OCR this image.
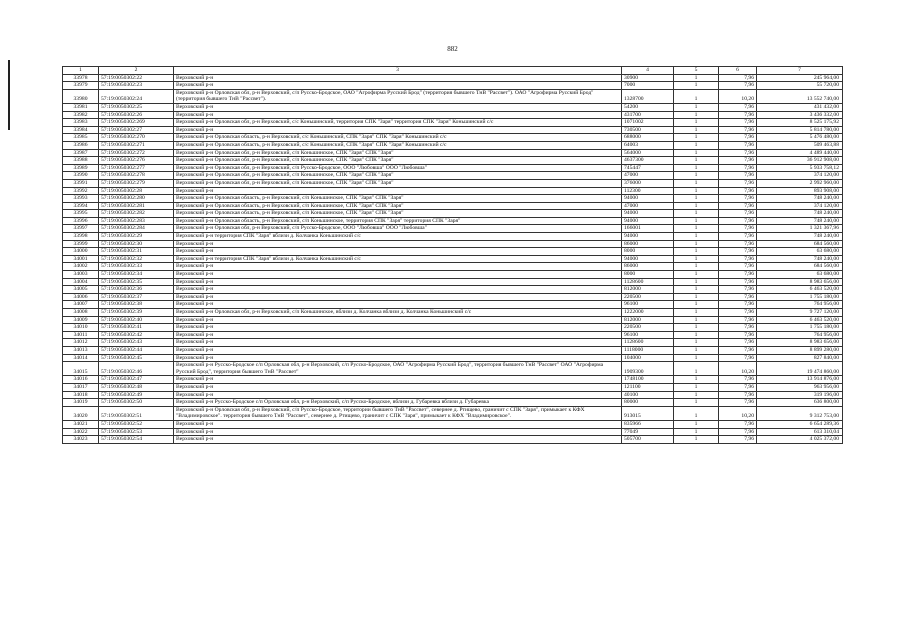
882
1	2	3	4	5	6	7
33978	57:19:0050302:22	Верховский р-н	30900	1	7,96	245 964,00
33979	57:19:0050302:23	Верховский р-н	7000	1	7,96	55 720,00
33980	57:19:0050302:24	Верховский р-н Орловская обл, р-н Верховский, с/п Русско-Бродское, ОАО "Агрофирма Русский Брод" (территория бывшего ТнВ "Рассвет"). ОАО "Агрофирма Русский Брод" (территория бывшего ТнВ "Рассвет").	1328700	1	10,20	13 552 740,00
33981	57:19:0050302:25	Верховский р-н	54200	1	7,96	431 432,00
33982	57:19:0050302:26	Верховский р-н	431700	1	7,96	3 436 332,00
33983	57:19:0050302:269	Верховский р-н Орловская обл, р-н Верховский, с/с Коньшинский, территория СПК "Заря" территория СПК "Заря" Коньшинский с/с	1071002	1	7,96	8 525 175,92
33984	57:19:0050302:27	Верховский р-н	730500	1	7,96	5 814 780,00
33985	57:19:0050302:270	Верховский р-н Орловская область, р-н Верховский, с/с Коньшинский, СПК "Заря" СПК "Заря" Коньшинский с/с	688000	1	7,96	5 476 480,00
33986	57:19:0050302:271	Верховский р-н Орловская область, р-н Верховский, с/с Коньшинский, СПК "Заря" СПК "Заря" Коньшинский с/с	64003	1	7,96	509 463,88
33987	57:19:0050302:272	Верховский р-н Орловская обл, р-н Верховский, с/п Коньшинское, СПК "Заря" СПК "Заря"	564000	1	7,96	4 489 440,00
33988	57:19:0050302:276	Верховский р-н Орловская обл, р-н Верховский, с/п Коньшинское, СПК "Заря" СПК "Заря"	4637300	1	7,96	36 912 908,00
33989	57:19:0050302:277	Верховский р-н Орловская обл, р-н Верховский, с/п Русско-Бродское, ООО "Любовша" ООО "Любовша"	745447	1	7,96	5 933 758,12
33990	57:19:0050302:278	Верховский р-н Орловская обл, р-н Верховский, с/п Коньшинское, СПК "Заря" СПК "Заря"	47000	1	7,96	374 120,00
33991	57:19:0050302:279	Верховский р-н Орловская обл, р-н Верховский, с/п Коньшинское, СПК "Заря" СПК "Заря"	376000	1	7,96	2 992 960,00
33992	57:19:0050302:28	Верховский р-н	112300	1	7,96	893 908,00
33993	57:19:0050302:280	Верховский р-н Орловская область, р-н Верховский, с/п Коньшинское, СПК "Заря" СПК "Заря"	94000	1	7,96	748 240,00
33994	57:19:0050302:281	Верховский р-н Орловская область, р-н Верховский, с/п Коньшинское, СПК "Заря" СПК "Заря"	47000	1	7,96	374 120,00
33995	57:19:0050302:282	Верховский р-н Орловская область, р-н Верховский, с/п Коньшинское, СПК "Заря" СПК "Заря"	94000	1	7,96	748 240,00
33996	57:19:0050302:283	Верховский р-н Орловская область, р-н Верховский, с/п Коньшинское, территория СПК "Заря" территория СПК "Заря"	94000	1	7,96	748 240,00
33997	57:19:0050302:284	Верховский р-н Орловская обл, р-н Верховский, с/п Русско-Бродское, ООО "Любовша" ООО "Любовша"	166001	1	7,96	1 321 367,96
33998	57:19:0050302:29	Верховский р-н территория СПК "Заря" вблизи д. Колчанка Коньшинский с/с	94000	1	7,96	748 240,00
33999	57:19:0050302:30	Верховский р-н	86000	1	7,96	684 560,00
34000	57:19:0050302:31	Верховский р-н	8000	1	7,96	63 680,00
34001	57:19:0050302:32	Верховский р-н территория СПК "Заря" вблизи д. Колчанка Коньшинский с/с	94000	1	7,96	748 240,00
34002	57:19:0050302:33	Верховский р-н	86000	1	7,96	684 560,00
34003	57:19:0050302:34	Верховский р-н	8000	1	7,96	63 680,00
34004	57:19:0050302:35	Верховский р-н	1128600	1	7,96	8 983 656,00
34005	57:19:0050302:36	Верховский р-н	812000	1	7,96	6 463 520,00
34006	57:19:0050302:37	Верховский р-н	220500	1	7,96	1 755 180,00
34007	57:19:0050302:38	Верховский р-н	96100	1	7,96	764 956,00
34008	57:19:0050302:39	Верховский р-н Орловская обл, р-н Верховский, с/п Коньшинское, вблизи д. Колчанка вблизи д. Колчанка Коньшинский с/с	1222000	1	7,96	9 727 120,00
34009	57:19:0050302:40	Верховский р-н	812000	1	7,96	6 463 520,00
34010	57:19:0050302:41	Верховский р-н	220500	1	7,96	1 755 180,00
34011	57:19:0050302:42	Верховский р-н	96100	1	7,96	764 956,00
34012	57:19:0050302:43	Верховский р-н	1128600	1	7,96	8 983 656,00
34013	57:19:0050302:44	Верховский р-н	1118000	1	7,96	8 899 280,00
34014	57:19:0050302:45	Верховский р-н	104000	1	7,96	827 840,00
34015	57:19:0050302:46	Верховский р-н Русско-Бродское с/п Орловская обл, р-н Верховский, с/п Русско-Бродское, ОАО "Агрофирма Русский Брод", территория бывшего ТнВ "Рассвет" ОАО "Агрофирма Русский Брод", территория бывшего ТнВ "Рассвет"	1909300	1	10,20	19 474 860,00
34016	57:19:0050302:47	Верховский р-н	1748100	1	7,96	13 914 876,00
34017	57:19:0050302:48	Верховский р-н	121100	1	7,96	963 956,00
34018	57:19:0050302:49	Верховский р-н	40100	1	7,96	319 196,00
34019	57:19:0050302:50	Верховский р-н Русско-Бродское с/п Орловская обл, р-н Верховский, с/п Русско-Бродское, вблизи д. Губаревка вблизи д. Губаревка	80000	1	7,96	636 800,00
34020	57:19:0050302:51	Верховский р-н Орловская обл, р-н Верховский, с/п Русско-Бродское, территории бывшего ТнВ "Рассвет", севернее д. Ртищево, граничит с СПК "Заря", примыкает к КФХ "Владимировское". территория бывшего ТнВ "Рассвет", севернее д. Ртищево, граничит с СПК "Заря", примыкает к КФХ "Владимировское".	913015	1	10,20	9 312 753,00
34021	57:19:0050302:52	Верховский р-н	835966	1	7,96	6 654 289,36
34022	57:19:0050302:53	Верховский р-н	77049	1	7,96	613 310,04
34023	57:19:0050302:54	Верховский р-н	505700	1	7,96	4 025 372,00
